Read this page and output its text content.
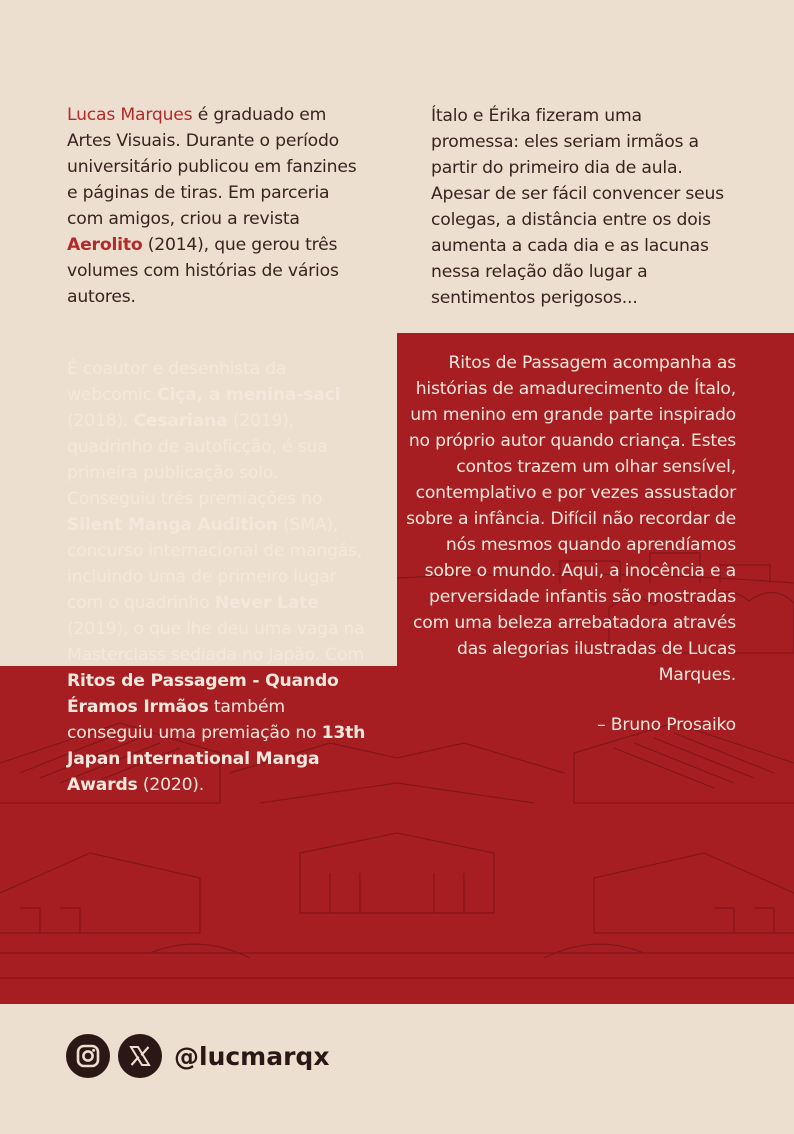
Lucas Marques é graduado em Artes Visuais. Durante o período universitário publicou em fanzines e páginas de tiras. Em parceria com amigos, criou a revista Aerolito (2014), que gerou três volumes com histórias de vários autores.

Ítalo e Érika fizeram uma promessa: eles seriam irmãos a partir do primeiro dia de aula. Apesar de ser fácil convencer seus colegas, a distância entre os dois aumenta a cada dia e as lacunas nessa relação dão lugar a sentimentos perigosos...

É coautor e desenhista da webcomic Ciça, a menina-saci (2018). Cesariana (2019), quadrinho de autoficção, é sua primeira publicação solo. Conseguiu três premiações no Silent Manga Audition (SMA), concurso internacional de mangás, incluindo uma de primeiro lugar com o quadrinho Never Late (2019), o que lhe deu uma vaga na Masterclass sediada no Japão. Com Ritos de Passagem - Quando Éramos Irmãos também conseguiu uma premiação no 13th Japan International Manga Awards (2020).

Ritos de Passagem acompanha as histórias de amadurecimento de Ítalo, um menino em grande parte inspirado no próprio autor quando criança. Estes contos trazem um olhar sensível, contemplativo e por vezes assustador sobre a infância. Difícil não recordar de nós mesmos quando aprendíamos sobre o mundo. Aqui, a inocência e a perversidade infantis são mostradas com uma beleza arrebatadora através das alegorias ilustradas de Lucas Marques.

– Bruno Prosaiko

@lucmarqx
